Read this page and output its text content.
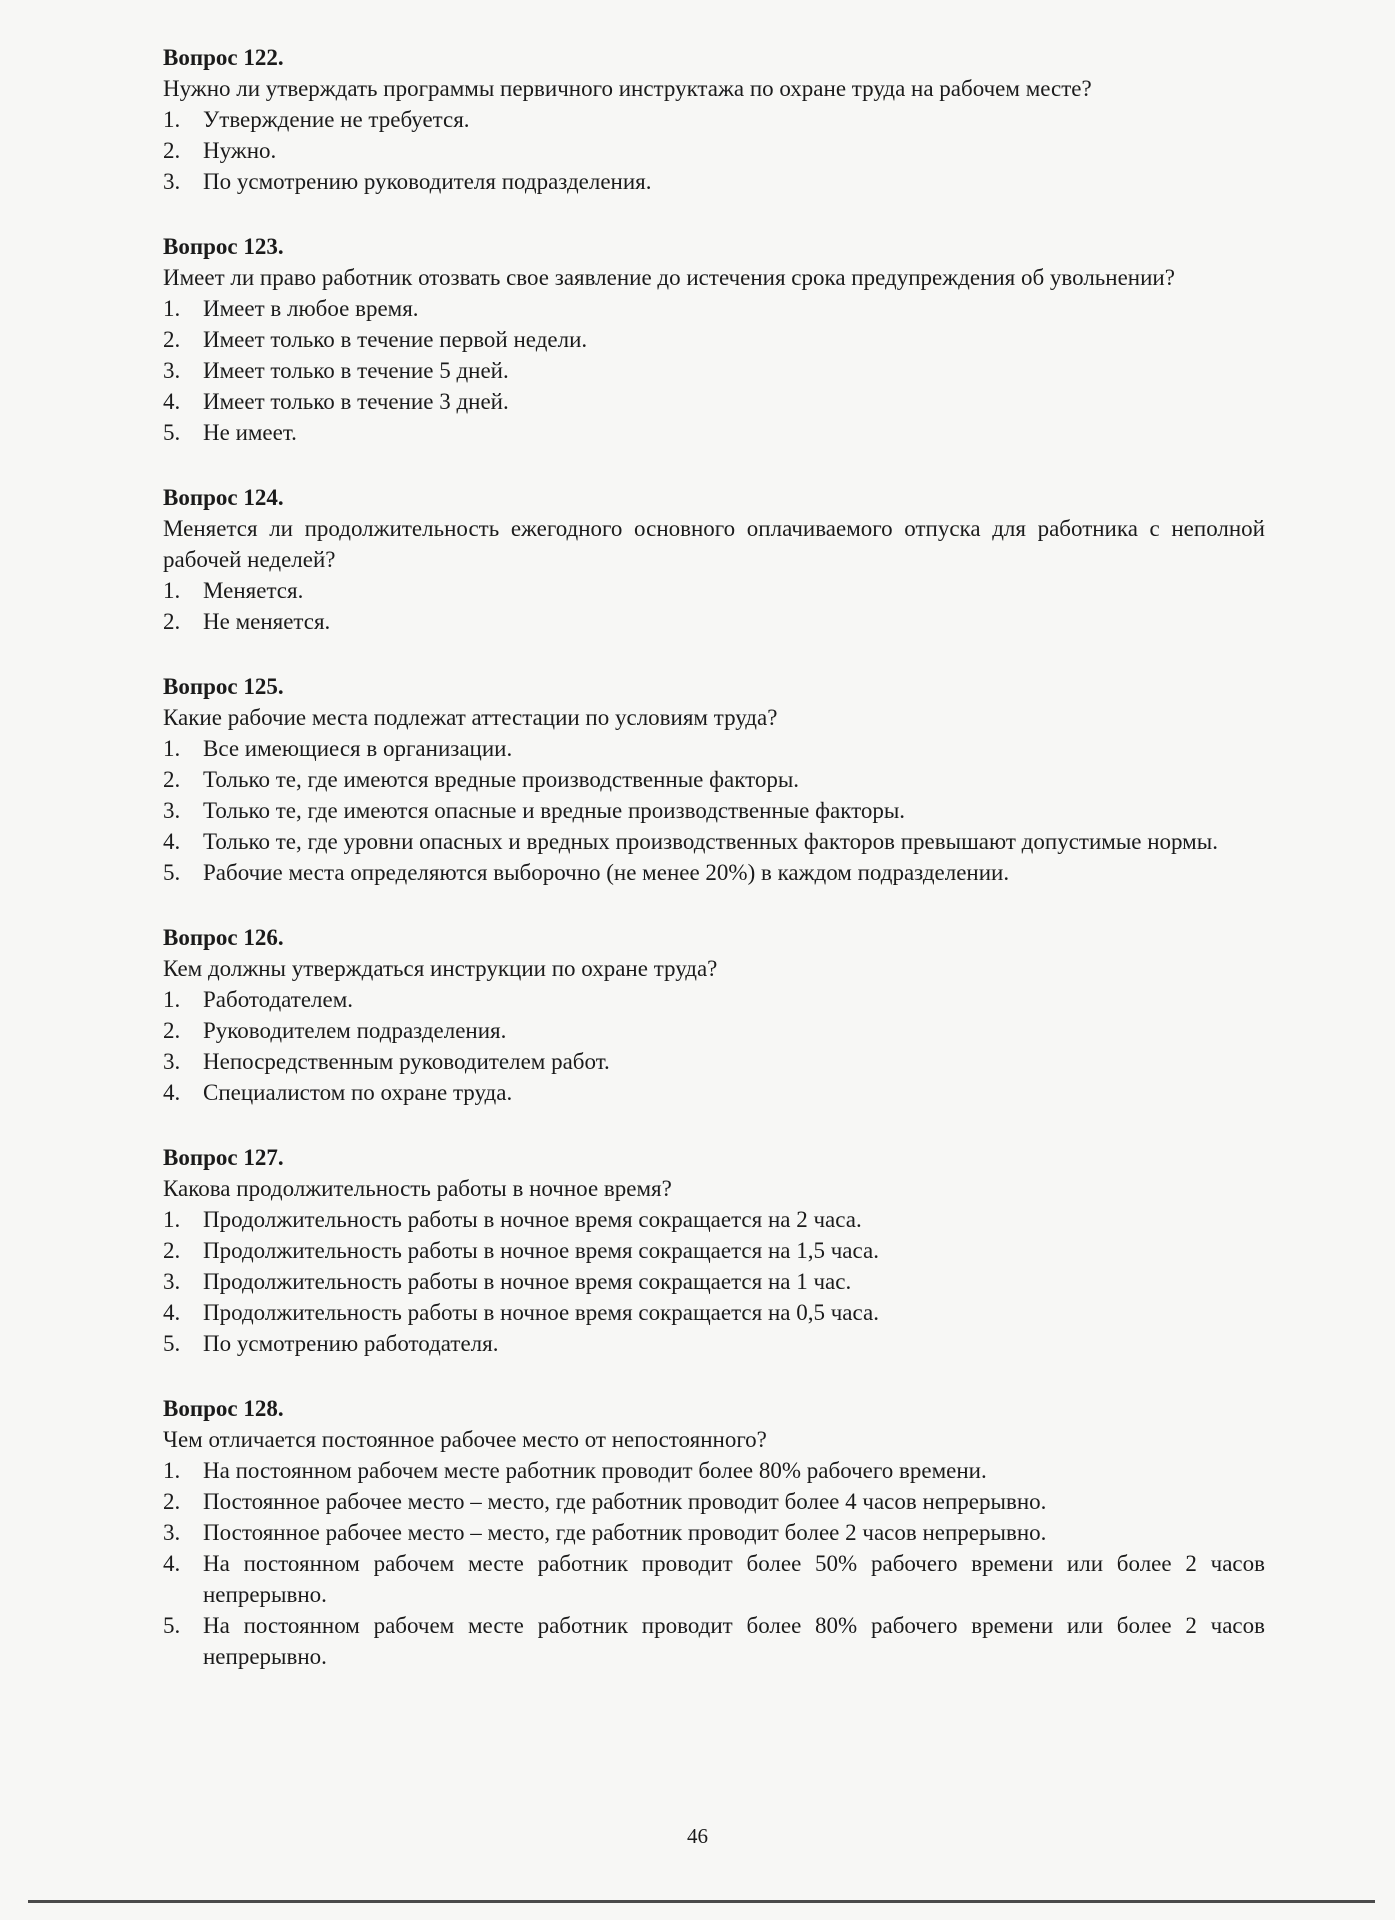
Вопрос 122.

Нужно ли утверждать программы первичного инструктажа по охране труда на рабочем месте?

1. Утверждение не требуется.
2. Нужно.
3. По усмотрению руководителя подразделения.

Вопрос 123.

Имеет ли право работник отозвать свое заявление до истечения срока предупреждения об увольнении?

1. Имеет в любое время.
2. Имеет только в течение первой недели.
3. Имеет только в течение 5 дней.
4. Имеет только в течение 3 дней.
5. Не имеет.

Вопрос 124.

Меняется ли продолжительность ежегодного основного оплачиваемого отпуска для работника с неполной рабочей неделей?

1. Меняется.
2. Не меняется.

Вопрос 125.

Какие рабочие места подлежат аттестации по условиям труда?

1. Все имеющиеся в организации.
2. Только те, где имеются вредные производственные факторы.
3. Только те, где имеются опасные и вредные производственные факторы.
4. Только те, где уровни опасных и вредных производственных факторов превышают допустимые нормы.
5. Рабочие места определяются выборочно (не менее 20%) в каждом подразделении.

Вопрос 126.

Кем должны утверждаться инструкции по охране труда?

1. Работодателем.
2. Руководителем подразделения.
3. Непосредственным руководителем работ.
4. Специалистом по охране труда.

Вопрос 127.

Какова продолжительность работы в ночное время?

1. Продолжительность работы в ночное время сокращается на 2 часа.
2. Продолжительность работы в ночное время сокращается на 1,5 часа.
3. Продолжительность работы в ночное время сокращается на 1 час.
4. Продолжительность работы в ночное время сокращается на 0,5 часа.
5. По усмотрению работодателя.

Вопрос 128.

Чем отличается постоянное рабочее место от непостоянного?

1. На постоянном рабочем месте работник проводит более 80% рабочего времени.
2. Постоянное рабочее место – место, где работник проводит более 4 часов непрерывно.
3. Постоянное рабочее место – место, где работник проводит более 2 часов непрерывно.
4. На постоянном рабочем месте работник проводит более 50% рабочего времени или более 2 часов непрерывно.
5. На постоянном рабочем месте работник проводит более 80% рабочего времени или более 2 часов непрерывно.
46
